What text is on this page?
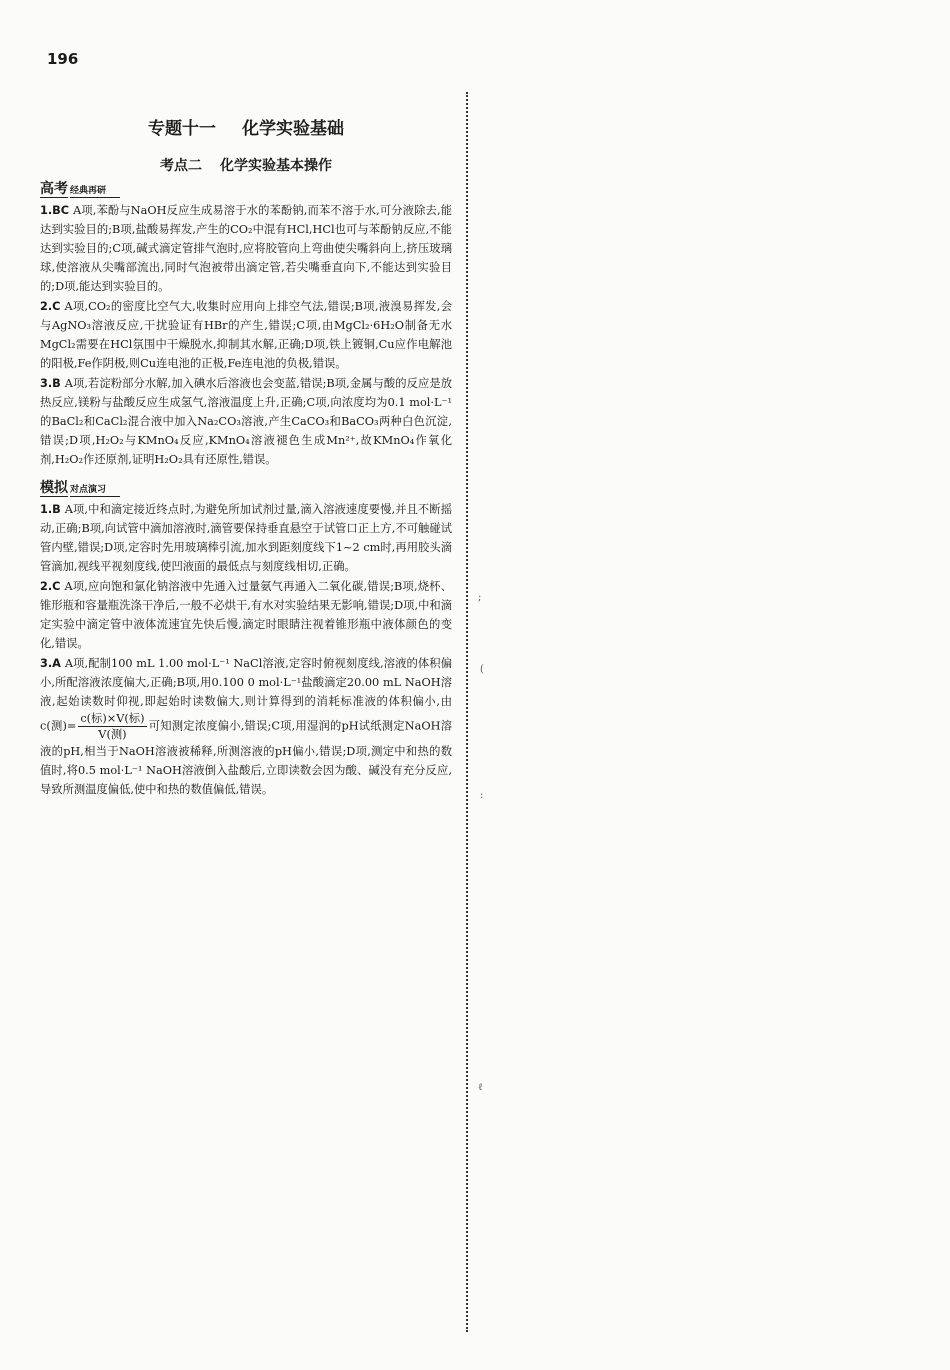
196
;
(
:
ℓ
专题十一 化学实验基础
考点二 化学实验基本操作
高考 经典再研

1.BC A项,苯酚与NaOH反应生成易溶于水的苯酚钠,而苯不溶于水,可分液除去,能达到实验目的;B项,盐酸易挥发,产生的CO₂中混有HCl,HCl也可与苯酚钠反应,不能达到实验目的;C项,碱式滴定管排气泡时,应将胶管向上弯曲使尖嘴斜向上,挤压玻璃球,使溶液从尖嘴部流出,同时气泡被带出滴定管,若尖嘴垂直向下,不能达到实验目的;D项,能达到实验目的。

2.C A项,CO₂的密度比空气大,收集时应用向上排空气法,错误;B项,液溴易挥发,会与AgNO₃溶液反应,干扰验证有HBr的产生,错误;C项,由MgCl₂·6H₂O制备无水MgCl₂需要在HCl氛围中干燥脱水,抑制其水解,正确;D项,铁上镀铜,Cu应作电解池的阳极,Fe作阴极,则Cu连电池的正极,Fe连电池的负极,错误。

3.B A项,若淀粉部分水解,加入碘水后溶液也会变蓝,错误;B项,金属与酸的反应是放热反应,镁粉与盐酸反应生成氢气,溶液温度上升,正确;C项,向浓度均为0.1 mol·L⁻¹的BaCl₂和CaCl₂混合液中加入Na₂CO₃溶液,产生CaCO₃和BaCO₃两种白色沉淀,错误;D项,H₂O₂与KMnO₄反应,KMnO₄溶液褪色生成Mn²⁺,故KMnO₄作氧化剂,H₂O₂作还原剂,证明H₂O₂具有还原性,错误。

模拟 对点演习

1.B A项,中和滴定接近终点时,为避免所加试剂过量,滴入溶液速度要慢,并且不断摇动,正确;B项,向试管中滴加溶液时,滴管要保持垂直悬空于试管口正上方,不可触碰试管内壁,错误;D项,定容时先用玻璃棒引流,加水到距刻度线下1~2 cm时,再用胶头滴管滴加,视线平视刻度线,使凹液面的最低点与刻度线相切,正确。

2.C A项,应向饱和氯化钠溶液中先通入过量氨气再通入二氧化碳,错误;B项,烧杯、锥形瓶和容量瓶洗涤干净后,一般不必烘干,有水对实验结果无影响,错误;D项,中和滴定实验中滴定管中液体流速宜先快后慢,滴定时眼睛注视着锥形瓶中液体颜色的变化,错误。

3.A A项,配制100 mL 1.00 mol·L⁻¹ NaCl溶液,定容时俯视刻度线,溶液的体积偏小,所配溶液浓度偏大,正确;B项,用0.100 0 mol·L⁻¹盐酸滴定20.00 mL NaOH溶液,起始读数时仰视,即起始时读数偏大,则计算得到的消耗标准液的体积偏小,由c(测)=
c(标)×V(标)
V(测)
可知测定浓度偏小,错误;C项,用湿润的pH试纸测定NaOH溶液的pH,相当于NaOH溶液被稀释,所测溶液的pH偏小,错误;D项,测定中和热的数值时,将0.5 mol·L⁻¹ NaOH溶液倒入盐酸后,立即读数会因为酸、碱没有充分反应,导致所测温度偏低,使中和热的数值偏低,错误。
